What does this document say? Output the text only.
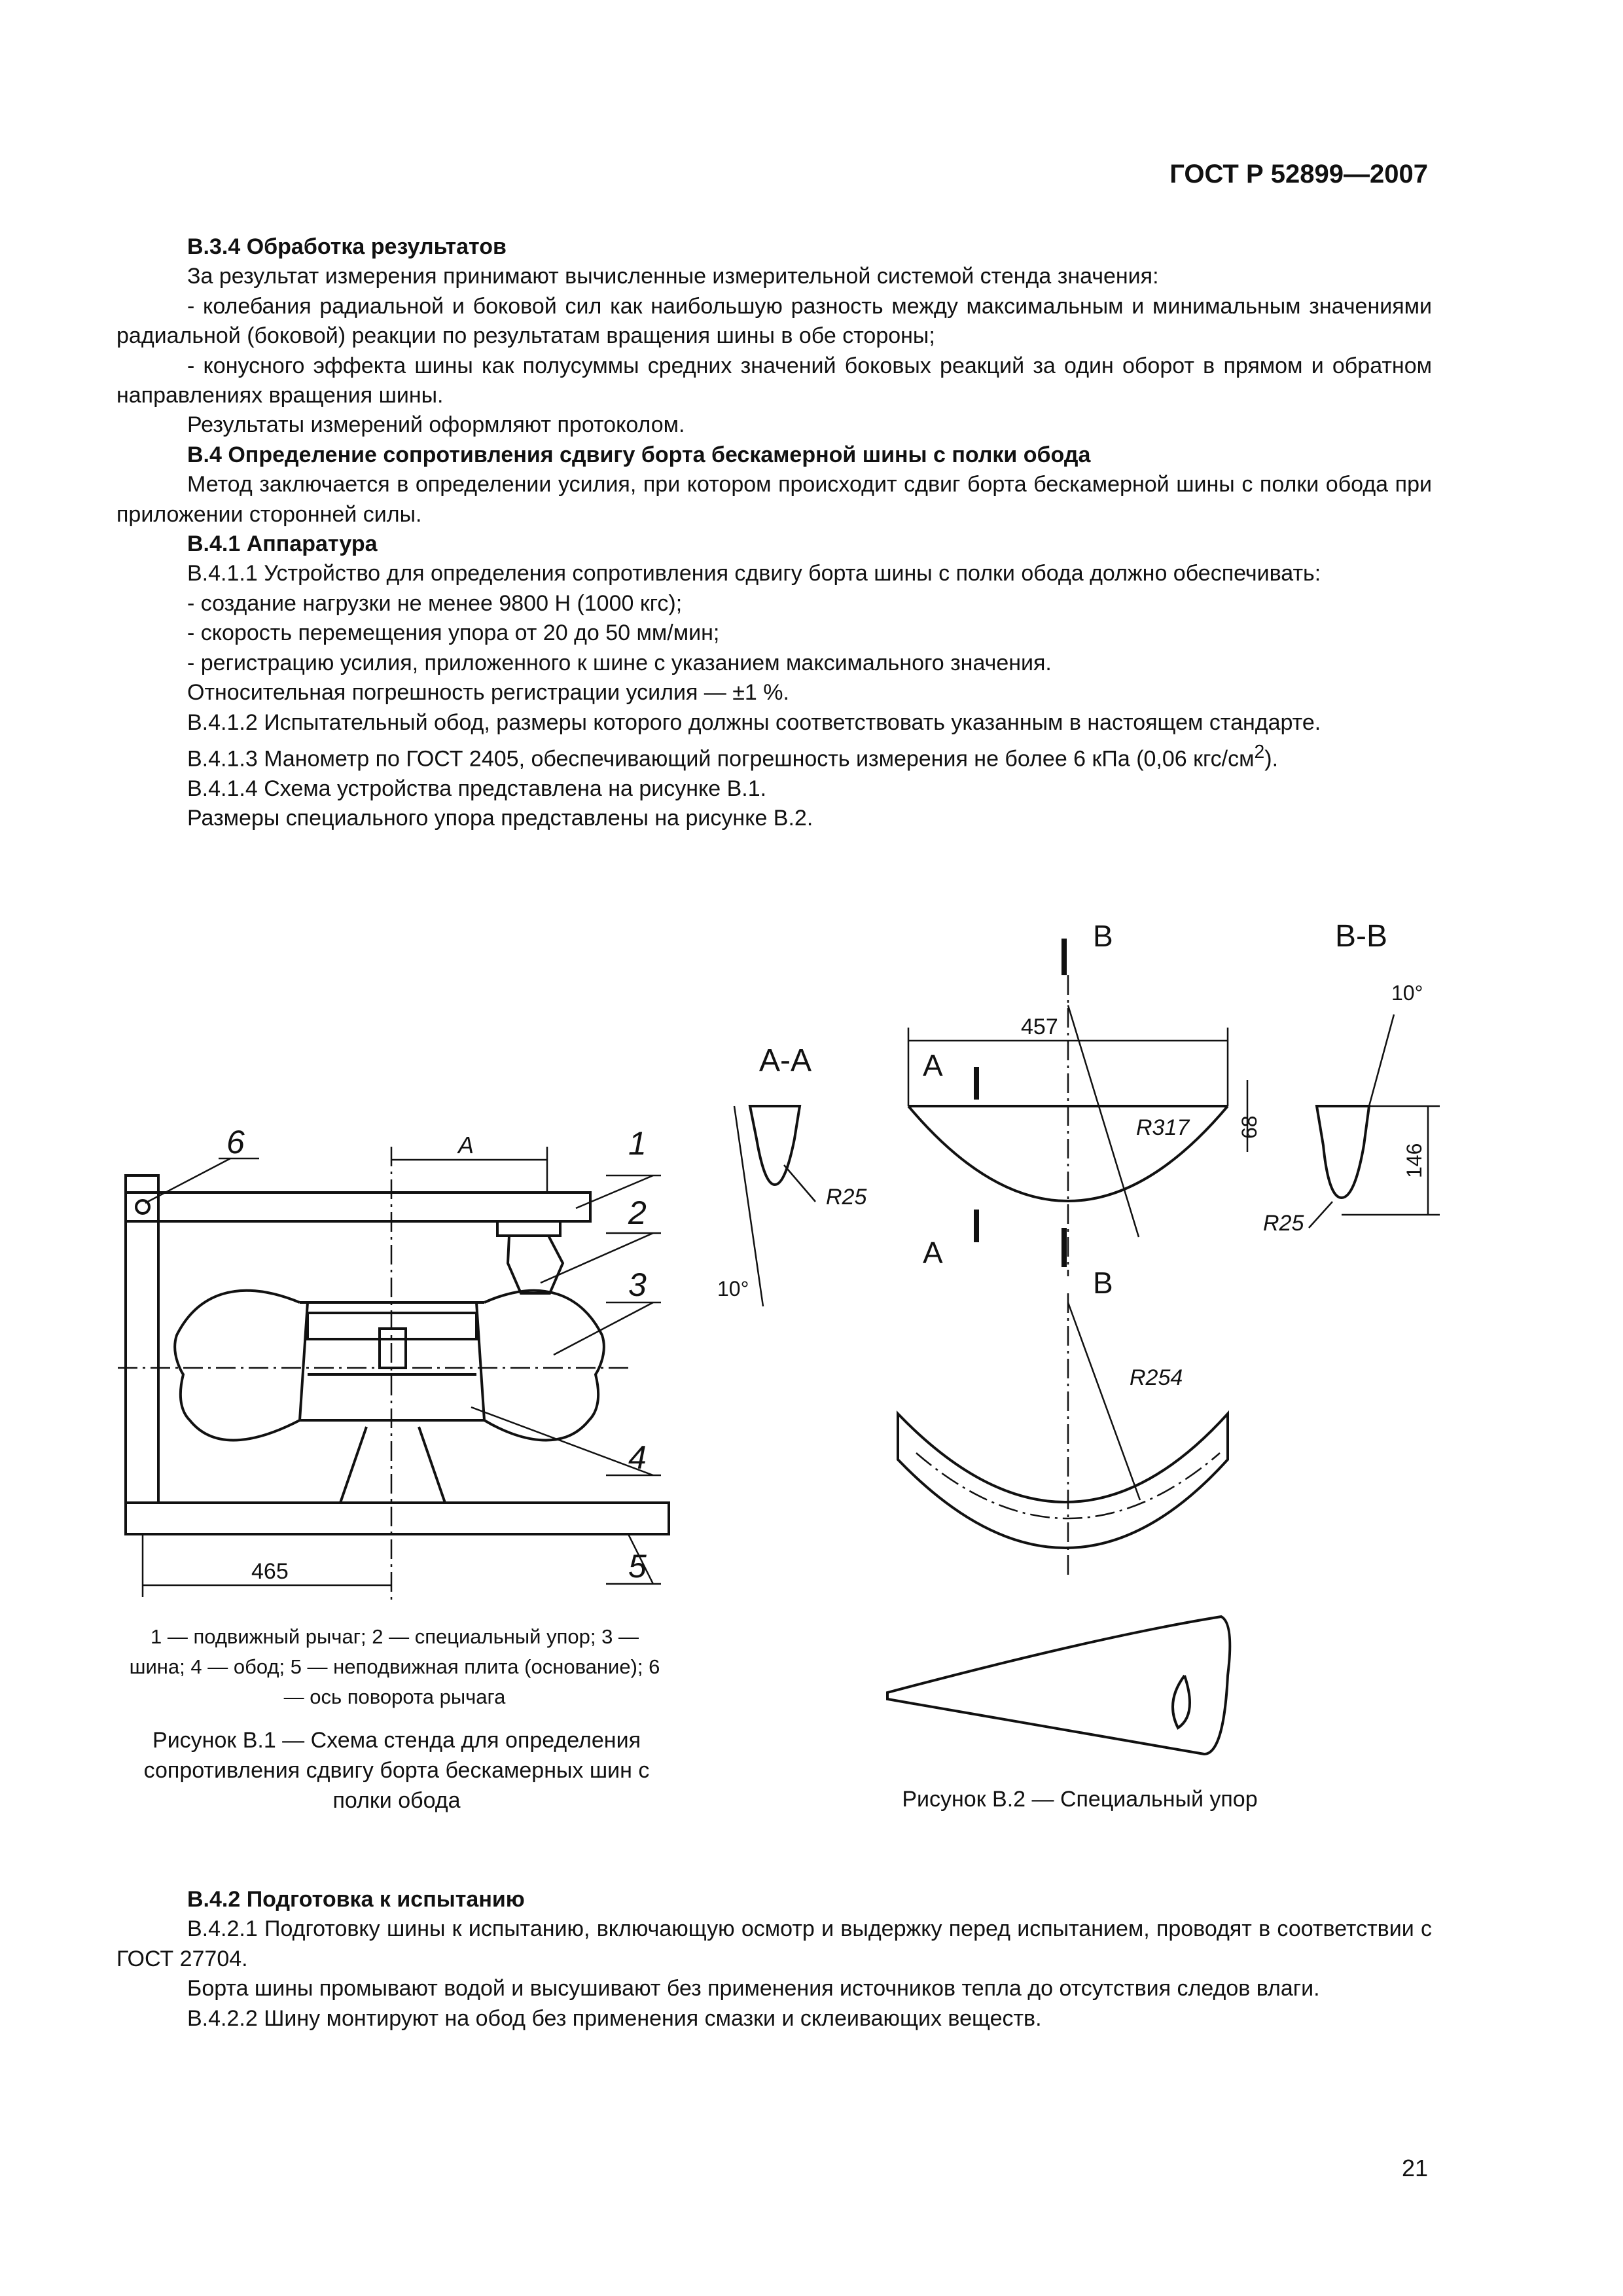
ГОСТ Р 52899—2007

В.3.4 Обработка результатов

За результат измерения принимают вычисленные измерительной системой стенда значения:

- колебания радиальной и боковой сил как наибольшую разность между максимальным и минимальным значениями радиальной (боковой) реакции по результатам вращения шины в обе стороны;

- конусного эффекта шины как полусуммы средних значений боковых реакций за один оборот в прямом и обратном направлениях вращения шины.

Результаты измерений оформляют протоколом.

В.4 Определение сопротивления сдвигу борта бескамерной шины с полки обода

Метод заключается в определении усилия, при котором происходит сдвиг борта бескамерной шины с полки обода при приложении сторонней силы.

В.4.1 Аппаратура

В.4.1.1 Устройство для определения сопротивления сдвигу борта шины с полки обода должно обеспечивать:

- создание нагрузки не менее 9800 Н (1000 кгс);

- скорость перемещения упора от 20 до 50 мм/мин;

- регистрацию усилия, приложенного к шине с указанием максимального значения.

Относительная погрешность регистрации усилия — ±1 %.

В.4.1.2 Испытательный обод, размеры которого должны соответствовать указанным в настоящем стандарте.

В.4.1.3 Манометр по ГОСТ 2405, обеспечивающий погрешность измерения не более 6 кПа (0,06 кгс/$см^2$).

В.4.1.4 Схема устройства представлена на рисунке В.1.

Размеры специального упора представлены на рисунке В.2.

1
2
3
4
5
6	А
465
А-А
В-В
В
В
А
А
457
R317
R254
R25
R25
10°
10°
68
146
1 — подвижный рычаг; 2 — специальный упор; 3 — шина; 4 — обод; 5 — неподвижная плита (основание); 6 — ось поворота рычага
Рисунок В.1 — Схема стенда для определения сопротивления сдвигу борта бескамерных шин с полки обода	Рисунок В.2 — Специальный упор

В.4.2 Подготовка к испытанию

В.4.2.1 Подготовку шины к испытанию, включающую осмотр и выдержку перед испытанием, проводят в соответствии с ГОСТ 27704.

Борта шины промывают водой и высушивают без применения источников тепла до отсутствия следов влаги.

В.4.2.2 Шину монтируют на обод без применения смазки и склеивающих веществ.

21
